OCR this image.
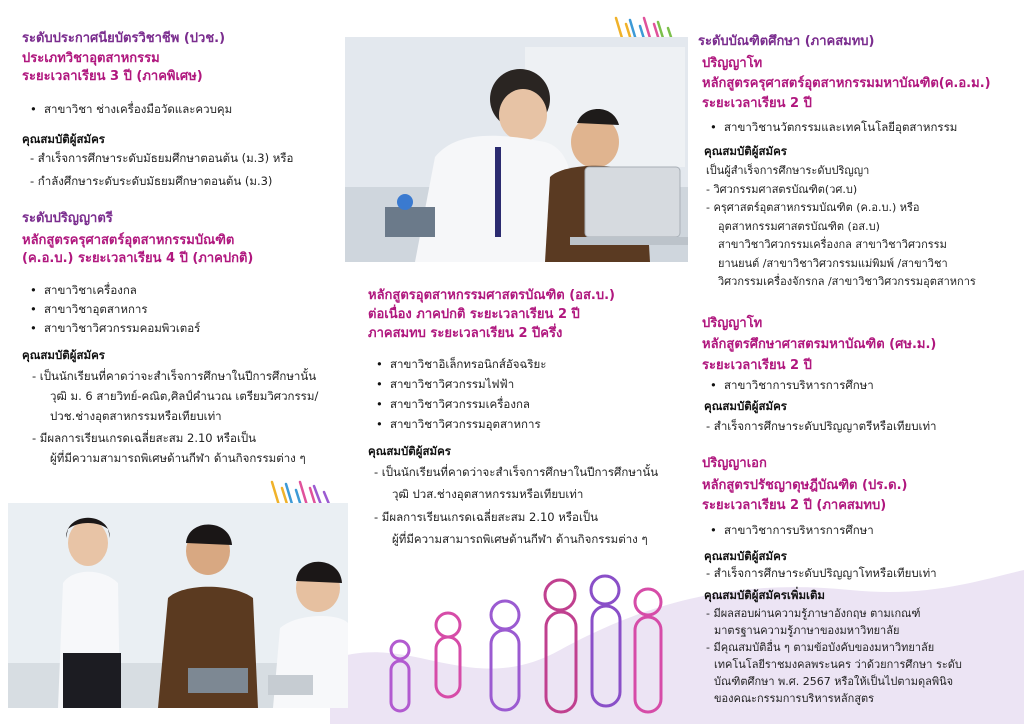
ระดับประกาศนียบัตรวิชาชีพ (ปวช.)
ประเภทวิชาอุตสาหกรรม
ระยะเวลาเรียน 3 ปี (ภาคพิเศษ)
• สาขาวิชา ช่างเครื่องมือวัดและควบคุม
คุณสมบัติผู้สมัคร
- สำเร็จการศึกษาระดับมัธยมศึกษาตอนต้น (ม.3) หรือ
- กำลังศึกษาระดับระดับมัธยมศึกษาตอนต้น (ม.3)
ระดับปริญญาตรี
หลักสูตรครุศาสตร์อุตสาหกรรมบัณฑิต
(ค.อ.บ.) ระยะเวลาเรียน 4 ปี (ภาคปกติ)
• สาขาวิชาเครื่องกล
• สาขาวิชาอุตสาหการ
• สาขาวิชาวิศวกรรมคอมพิวเตอร์
คุณสมบัติผู้สมัคร
- เป็นนักเรียนที่คาดว่าจะสำเร็จการศึกษาในปีการศึกษานั้น
วุฒิ ม. 6 สายวิทย์-คณิต,ศิลป์คำนวณ เตรียมวิศวกรรม/
ปวช.ช่างอุตสาหกรรมหรือเทียบเท่า
- มีผลการเรียนเกรดเฉลี่ยสะสม 2.10 หรือเป็น
ผู้ที่มีความสามารถพิเศษด้านกีฬา ด้านกิจกรรมต่าง ๆ
หลักสูตรอุตสาหกรรมศาสตรบัณฑิต (อส.บ.)
ต่อเนื่อง ภาคปกติ ระยะเวลาเรียน 2 ปี
ภาคสมทบ ระยะเวลาเรียน 2 ปีครึ่ง
• สาขาวิชาอิเล็กทรอนิกส์อัจฉริยะ
• สาขาวิชาวิศวกรรมไฟฟ้า
• สาขาวิชาวิศวกรรมเครื่องกล
• สาขาวิชาวิศวกรรมอุตสาหการ
คุณสมบัติผู้สมัคร
- เป็นนักเรียนที่คาดว่าจะสำเร็จการศึกษาในปีการศึกษานั้น
วุฒิ ปวส.ช่างอุตสาหกรรมหรือเทียบเท่า
- มีผลการเรียนเกรดเฉลี่ยสะสม 2.10 หรือเป็น
ผู้ที่มีความสามารถพิเศษด้านกีฬา ด้านกิจกรรมต่าง ๆ
ระดับบัณฑิตศึกษา (ภาคสมทบ)
ปริญญาโท
หลักสูตรครุศาสตร์อุตสาหกรรมมหาบัณฑิต(ค.อ.ม.)
ระยะเวลาเรียน 2 ปี
• สาขาวิชานวัตกรรมและเทคโนโลยีอุตสาหกรรม
คุณสมบัติผู้สมัคร
เป็นผู้สำเร็จการศึกษาระดับปริญญา
- วิศวกรรมศาสตรบัณฑิต(วศ.บ)
- ครุศาสตร์อุตสาหกรรมบัณฑิต (ค.อ.บ.) หรือ
อุตสาหกรรมศาสตรบัณฑิต (อส.บ)
สาขาวิชาวิศวกรรมเครื่องกล สาขาวิชาวิศวกรรม
ยานยนต์ /สาขาวิชาวิศวกรรมแม่พิมพ์ /สาขาวิชา
วิศวกรรมเครื่องจักรกล /สาขาวิชาวิศวกรรมอุตสาหการ
ปริญญาโท
หลักสูตรศึกษาศาสตรมหาบัณฑิต (ศษ.ม.)
ระยะเวลาเรียน 2 ปี
• สาขาวิชาการบริหารการศึกษา
คุณสมบัติผู้สมัคร
- สำเร็จการศึกษาระดับปริญญาตรีหรือเทียบเท่า
ปริญญาเอก
หลักสูตรปรัชญาดุษฎีบัณฑิต (ปร.ด.)
ระยะเวลาเรียน 2 ปี (ภาคสมทบ)
• สาขาวิชาการบริหารการศึกษา
คุณสมบัติผู้สมัคร
- สำเร็จการศึกษาระดับปริญญาโทหรือเทียบเท่า
คุณสมบัติผู้สมัครเพิ่มเติม
- มีผลสอบผ่านความรู้ภาษาอังกฤษ ตามเกณฑ์
มาตรฐานความรู้ภาษาของมหาวิทยาลัย
- มีคุณสมบัติอื่น ๆ ตามข้อบังคับของมหาวิทยาลัย
เทคโนโลยีราชมงคลพระนคร ว่าด้วยการศึกษา ระดับ
บัณฑิตศึกษา พ.ศ. 2567 หรือให้เป็นไปตามดุลพินิจ
ของคณะกรรมการบริหารหลักสูตร
